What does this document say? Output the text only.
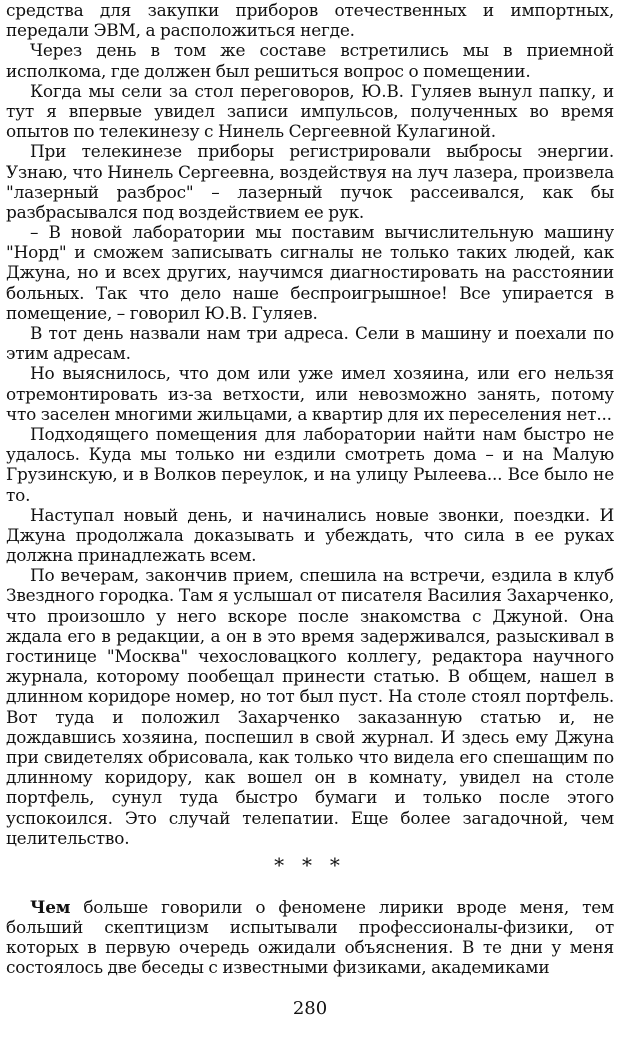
средства для закупки приборов отечественных и импортных, передали ЭВМ, а расположиться негде.

Через день в том же составе встретились мы в приемной исполкома, где должен был решиться вопрос о помещении.

Когда мы сели за стол переговоров, Ю.В. Гуляев вынул папку, и тут я впервые увидел записи импульсов, полученных во время опытов по телекинезу с Нинель Сергеевной Кулагиной.

При телекинезе приборы регистрировали выбросы энергии. Узнаю, что Нинель Сергеевна, воздействуя на луч лазера, произвела "лазерный разброс" – лазерный пучок рассеивался, как бы разбрасывался под воздействием ее рук.

– В новой лаборатории мы поставим вычислительную машину "Норд" и сможем записывать сигналы не только таких людей, как Джуна, но и всех других, научимся диагностировать на расстоянии больных. Так что дело наше беспроигрышное! Все упирается в помещение, – говорил Ю.В. Гуляев.

В тот день назвали нам три адреса. Сели в машину и поехали по этим адресам.

Но выяснилось, что дом или уже имел хозяина, или его нельзя отремонтировать из-за ветхости, или невозможно занять, потому что заселен многими жильцами, а квартир для их переселения нет...

Подходящего помещения для лаборатории найти нам быстро не удалось. Куда мы только ни ездили смотреть дома – и на Малую Грузинскую, и в Волков переулок, и на улицу Рылеева... Все было не то.

Наступал новый день, и начинались новые звонки, поездки. И Джуна продолжала доказывать и убеждать, что сила в ее руках должна принадлежать всем.

По вечерам, закончив прием, спешила на встречи, ездила в клуб Звездного городка. Там я услышал от писателя Василия Захарченко, что произошло у него вскоре после знакомства с Джуной. Она ждала его в редакции, а он в это время задерживался, разыскивал в гостинице "Москва" чехословацкого коллегу, редактора научного журнала, которому пообещал принести статью. В общем, нашел в длинном коридоре номер, но тот был пуст. На столе стоял портфель. Вот туда и положил Захарченко заказанную статью и, не дождавшись хозяина, поспешил в свой журнал. И здесь ему Джуна при свидетелях обрисовала, как только что видела его спешащим по длинному коридору, как вошел он в комнату, увидел на столе портфель, сунул туда быстро бумаги и только после этого успокоился. Это случай телепатии. Еще более загадочной, чем целительство.

* * *

Чем больше говорили о феномене лирики вроде меня, тем больший скептицизм испытывали профессионалы-физики, от которых в первую очередь ожидали объяснения. В те дни у меня состоялось две беседы с известными физиками, академиками

280
